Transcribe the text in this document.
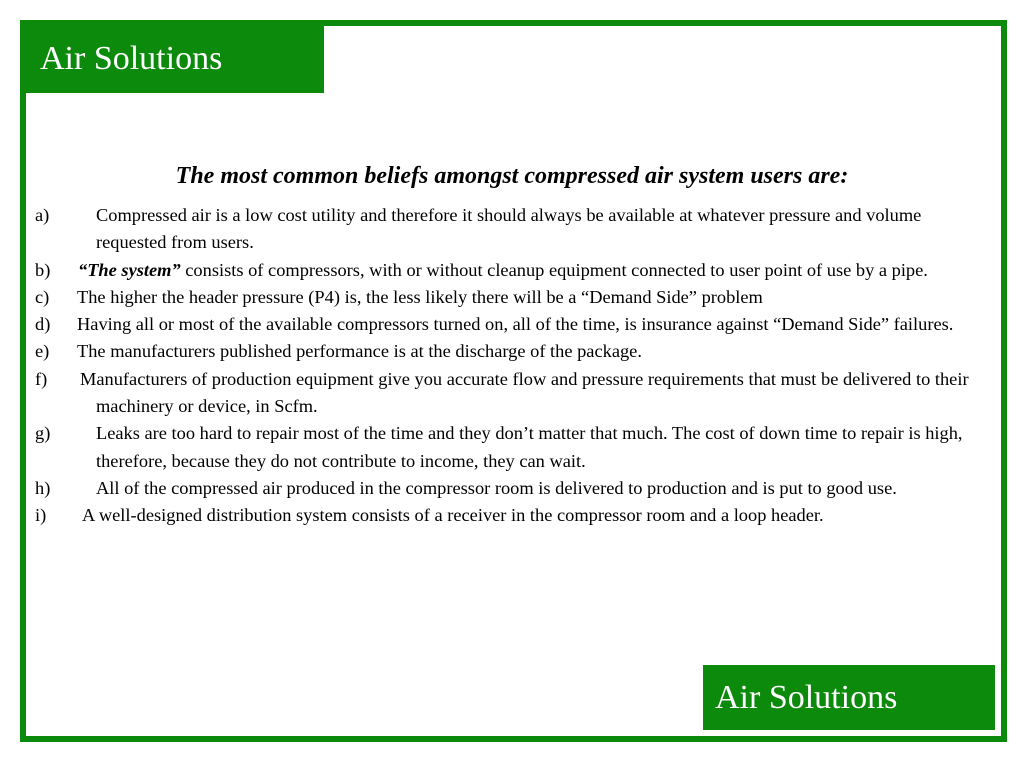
Air Solutions
The most common beliefs amongst compressed air system users are:
a)	Compressed air is a low cost utility and therefore it should always be available at whatever pressure and volume requested from users.
b)	“The system” consists of compressors, with or without cleanup equipment connected to user point of use by a pipe.
c)	The higher the header pressure (P4) is, the less likely there will be a “Demand Side” problem
d)	Having all or most of the available compressors turned on, all of the time, is insurance against “Demand Side” failures.
e)	The manufacturers published performance is at the discharge of the package.
f)	Manufacturers of production equipment give you accurate flow and pressure requirements that must be delivered to their machinery or device, in Scfm.
g)	Leaks are too hard to repair most of the time and they don’t matter that much. The cost of down time to repair is high, therefore, because they do not contribute to income, they can wait.
h)	All of the compressed air produced in the compressor room is delivered to production and is put to good use.
i)	A well-designed distribution system consists of a receiver in the compressor room and a loop header.
Air Solutions
